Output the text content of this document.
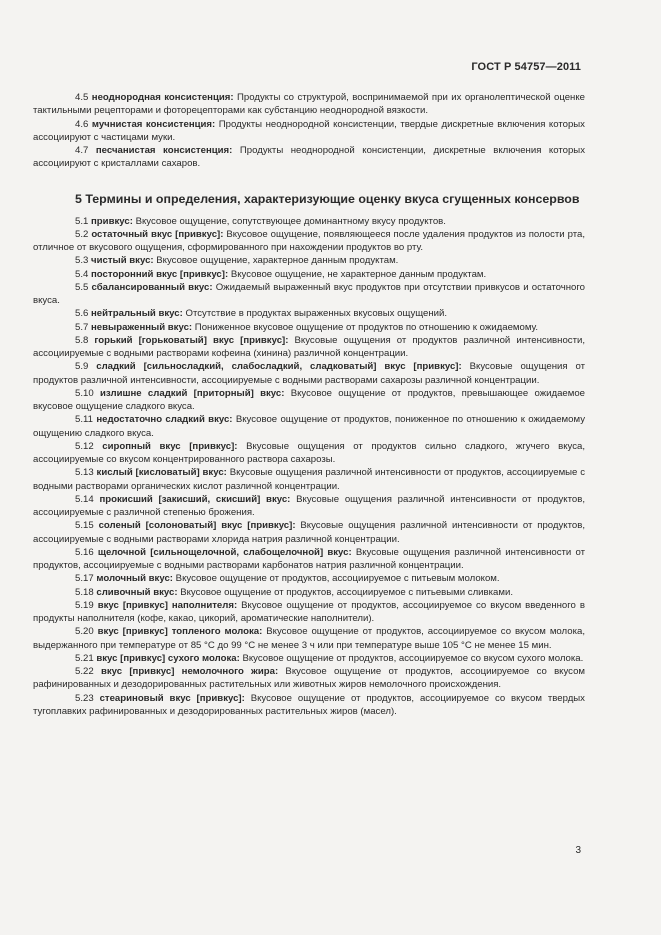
ГОСТ Р 54757—2011

4.5 неоднородная консистенция: Продукты со структурой, воспринимаемой при их органолептической оценке тактильными рецепторами и фоторецепторами как субстанцию неоднородной вязкости.

4.6 мучнистая консистенция: Продукты неоднородной консистенции, твердые дискретные включения которых ассоциируют с частицами муки.

4.7 песчанистая консистенция: Продукты неоднородной консистенции, дискретные включения которых ассоциируют с кристаллами сахаров.

5 Термины и определения, характеризующие оценку вкуса сгущенных консервов

5.1 привкус: Вкусовое ощущение, сопутствующее доминантному вкусу продуктов.

5.2 остаточный вкус [привкус]: Вкусовое ощущение, появляющееся после удаления продуктов из полости рта, отличное от вкусового ощущения, сформированного при нахождении продуктов во рту.

5.3 чистый вкус: Вкусовое ощущение, характерное данным продуктам.

5.4 посторонний вкус [привкус]: Вкусовое ощущение, не характерное данным продуктам.

5.5 сбалансированный вкус: Ожидаемый выраженный вкус продуктов при отсутствии привкусов и остаточного вкуса.

5.6 нейтральный вкус: Отсутствие в продуктах выраженных вкусовых ощущений.

5.7 невыраженный вкус: Пониженное вкусовое ощущение от продуктов по отношению к ожидаемому.

5.8 горький [горьковатый] вкус [привкус]: Вкусовые ощущения от продуктов различной интенсивности, ассоциируемые с водными растворами кофеина (хинина) различной концентрации.

5.9 сладкий [сильносладкий, слабосладкий, сладковатый] вкус [привкус]: Вкусовые ощущения от продуктов различной интенсивности, ассоциируемые с водными растворами сахарозы различной концентрации.

5.10 излишне сладкий [приторный] вкус: Вкусовое ощущение от продуктов, превышающее ожидаемое вкусовое ощущение сладкого вкуса.

5.11 недостаточно сладкий вкус: Вкусовое ощущение от продуктов, пониженное по отношению к ожидаемому ощущению сладкого вкуса.

5.12 сиропный вкус [привкус]: Вкусовые ощущения от продуктов сильно сладкого, жгучего вкуса, ассоциируемые со вкусом концентрированного раствора сахарозы.

5.13 кислый [кисловатый] вкус: Вкусовые ощущения различной интенсивности от продуктов, ассоциируемые с водными растворами органических кислот различной концентрации.

5.14 прокисший [закисший, скисший] вкус: Вкусовые ощущения различной интенсивности от продуктов, ассоциируемые с различной степенью брожения.

5.15 соленый [солоноватый] вкус [привкус]: Вкусовые ощущения различной интенсивности от продуктов, ассоциируемые с водными растворами хлорида натрия различной концентрации.

5.16 щелочной [сильнощелочной, слабощелочной] вкус: Вкусовые ощущения различной интенсивности от продуктов, ассоциируемые с водными растворами карбонатов натрия различной концентрации.

5.17 молочный вкус: Вкусовое ощущение от продуктов, ассоциируемое с питьевым молоком.

5.18 сливочный вкус: Вкусовое ощущение от продуктов, ассоциируемое с питьевыми сливками.

5.19 вкус [привкус] наполнителя: Вкусовое ощущение от продуктов, ассоциируемое со вкусом введенного в продукты наполнителя (кофе, какао, цикорий, ароматические наполнители).

5.20 вкус [привкус] топленого молока: Вкусовое ощущение от продуктов, ассоциируемое со вкусом молока, выдержанного при температуре от 85 °С до 99 °С не менее 3 ч или при температуре выше 105 °С не менее 15 мин.

5.21 вкус [привкус] сухого молока: Вкусовое ощущение от продуктов, ассоциируемое со вкусом сухого молока.

5.22 вкус [привкус] немолочного жира: Вкусовое ощущение от продуктов, ассоциируемое со вкусом рафинированных и дезодорированных растительных или животных жиров немолочного происхождения.

5.23 стеариновый вкус [привкус]: Вкусовое ощущение от продуктов, ассоциируемое со вкусом твердых тугоплавких рафинированных и дезодорированных растительных жиров (масел).

3
